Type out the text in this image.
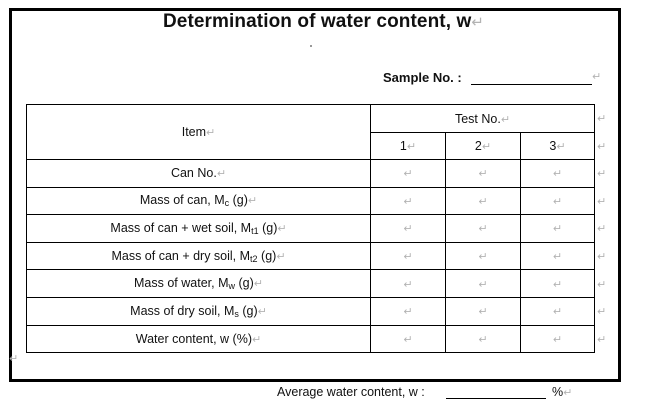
Determination of water content, w↵
Sample No. :	↵
Item↵	Test No.↵		
	1↵	2↵	3↵
Can No.↵	↵	↵	↵
Mass of can, $M_c$ (g)↵	↵	↵	↵
Mass of can + wet soil, $M_{t1}$ (g)↵	↵	↵	↵
Mass of can + dry soil, $M_{t2}$ (g)↵	↵	↵	↵
Mass of water, $M_w$ (g)↵	↵	↵	↵
Mass of dry soil, $M_s$ (g)↵	↵	↵	↵
Water content, w (%)↵	↵	↵	↵
↵
↵
↵
↵
↵
↵
↵
↵
↵
↵
Average water content, w :	%↵
